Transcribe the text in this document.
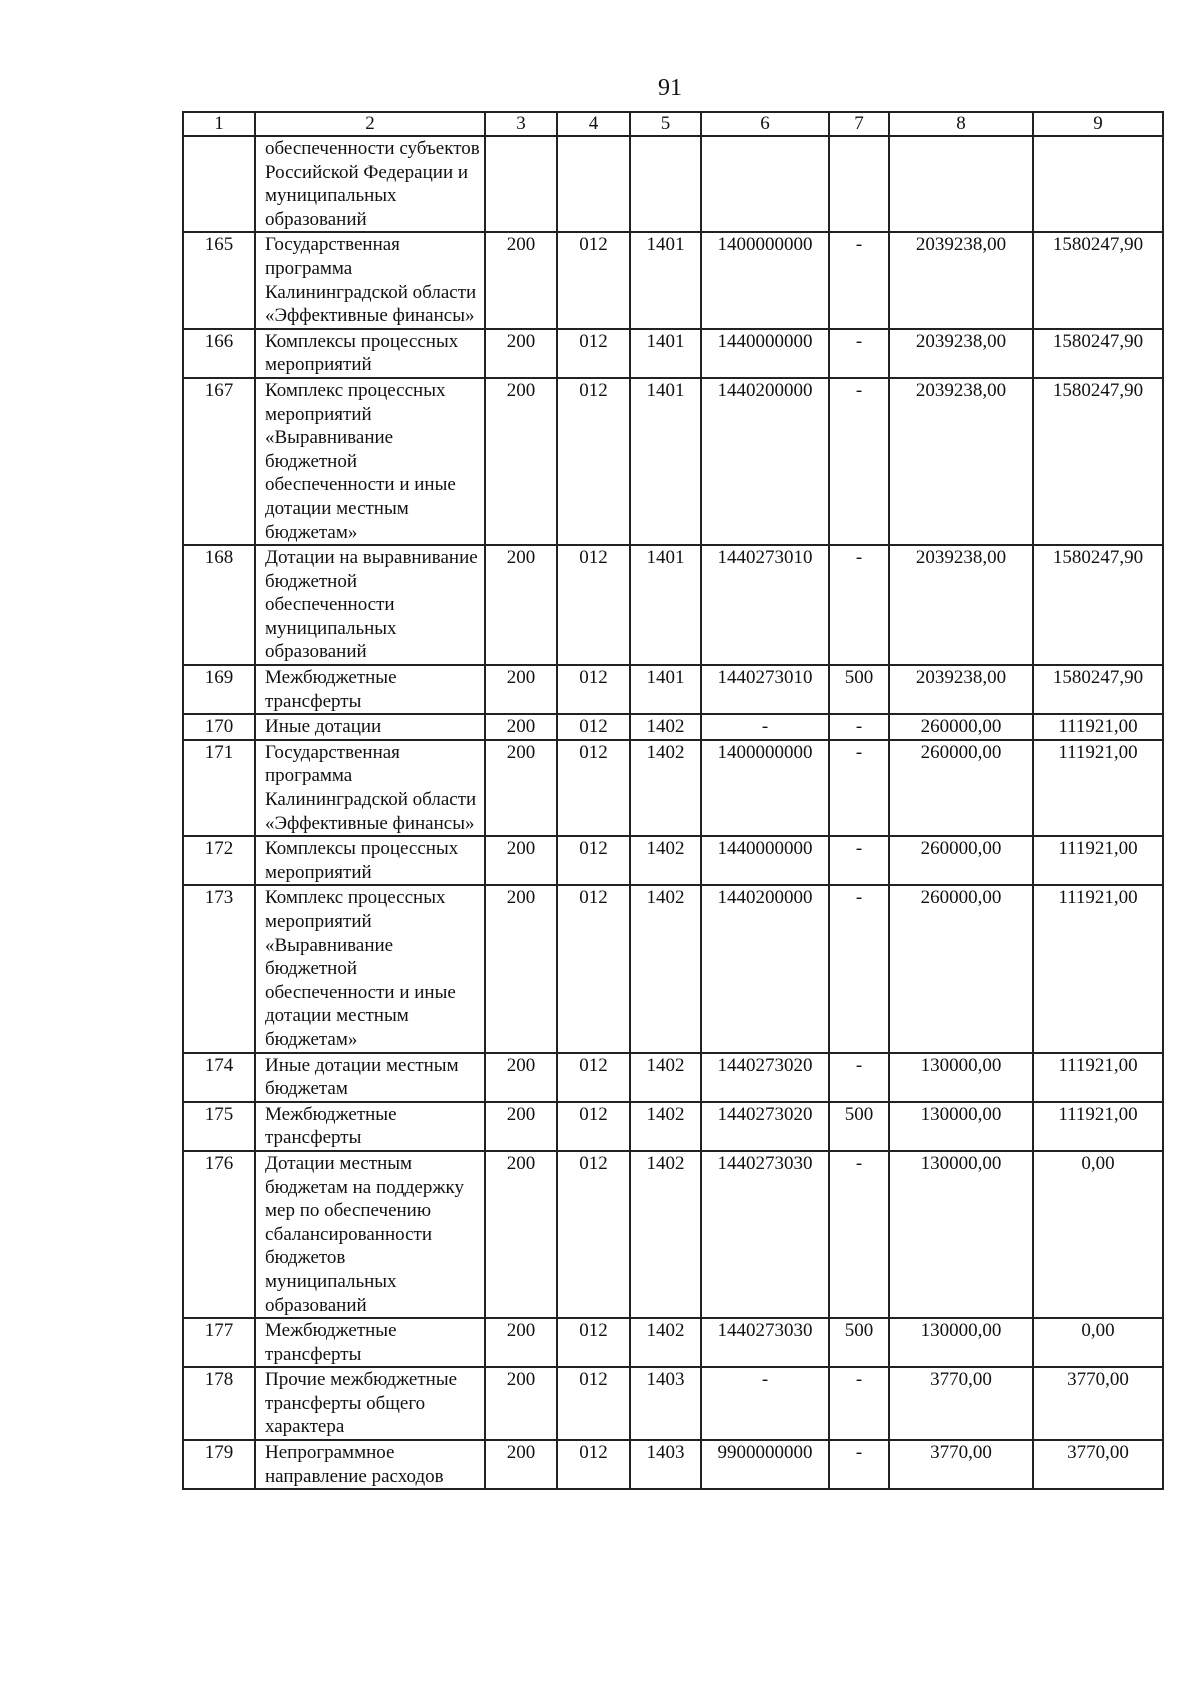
91
1	2	3	4	5	6	7	8	9
	обеспеченности субъектов Российской Федерации и муниципальных образований							
165	Государственная программа Калининградской области «Эффективные финансы»	200	012	1401	1400000000	-	2039238,00	1580247,90
166	Комплексы процессных мероприятий	200	012	1401	1440000000	-	2039238,00	1580247,90
167	Комплекс процессных мероприятий «Выравнивание бюджетной обеспеченности и иные дотации местным бюджетам»	200	012	1401	1440200000	-	2039238,00	1580247,90
168	Дотации на выравнивание бюджетной обеспеченности муниципальных образований	200	012	1401	1440273010	-	2039238,00	1580247,90
169	Межбюджетные трансферты	200	012	1401	1440273010	500	2039238,00	1580247,90
170	Иные дотации	200	012	1402	-	-	260000,00	111921,00
171	Государственная программа Калининградской области «Эффективные финансы»	200	012	1402	1400000000	-	260000,00	111921,00
172	Комплексы процессных мероприятий	200	012	1402	1440000000	-	260000,00	111921,00
173	Комплекс процессных мероприятий «Выравнивание бюджетной обеспеченности и иные дотации местным бюджетам»	200	012	1402	1440200000	-	260000,00	111921,00
174	Иные дотации местным бюджетам	200	012	1402	1440273020	-	130000,00	111921,00
175	Межбюджетные трансферты	200	012	1402	1440273020	500	130000,00	111921,00
176	Дотации местным бюджетам на поддержку мер по обеспечению сбалансированности бюджетов муниципальных образований	200	012	1402	1440273030	-	130000,00	0,00
177	Межбюджетные трансферты	200	012	1402	1440273030	500	130000,00	0,00
178	Прочие межбюджетные трансферты общего характера	200	012	1403	-	-	3770,00	3770,00
179	Непрограммное направление расходов	200	012	1403	9900000000	-	3770,00	3770,00
